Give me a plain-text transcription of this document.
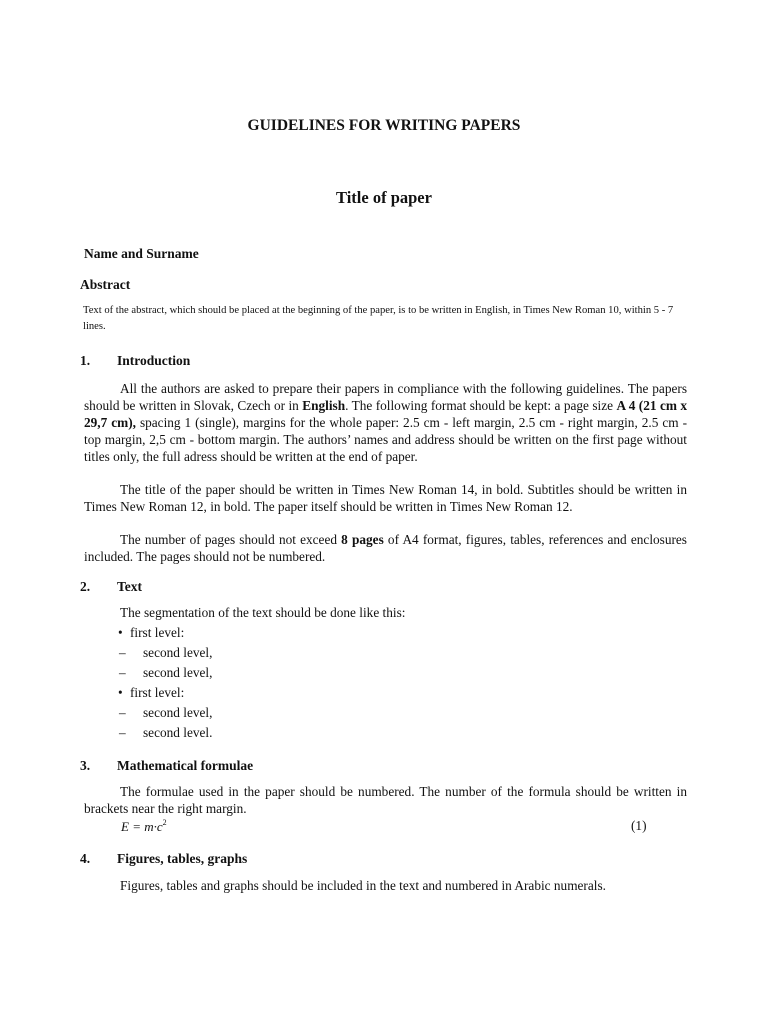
GUIDELINES FOR WRITING PAPERS
Title of paper
Name and Surname
Abstract
Text of the abstract, which should be placed at the beginning of the paper, is to be written in English, in Times New Roman 10, within 5 - 7 lines.
1. Introduction
All the authors are asked to prepare their papers in compliance with the following guidelines. The papers should be written in Slovak, Czech or in English. The following format should be kept: a page size A 4 (21 cm x 29,7 cm), spacing 1 (single), margins for the whole paper: 2.5 cm - left margin, 2.5 cm - right margin, 2.5 cm - top margin, 2,5 cm - bottom margin. The authors’ names and address should be written on the first page without titles only, the full adress should be written at the end of paper.
The title of the paper should be written in Times New Roman 14, in bold. Subtitles should be written in Times New Roman 12, in bold. The paper itself should be written in Times New Roman 12.
The number of pages should not exceed 8 pages of A4 format, figures, tables, references and enclosures included. The pages should not be numbered.
2. Text
The segmentation of the text should be done like this:
• first level:
– second level,
– second level,
• first level:
– second level,
– second level.
3. Mathematical formulae
The formulae used in the paper should be numbered. The number of the formula should be written in brackets near the right margin.
$E = m\cdot c^2$	(1)
4. Figures, tables, graphs
Figures, tables and graphs should be included in the text and numbered in Arabic numerals.
